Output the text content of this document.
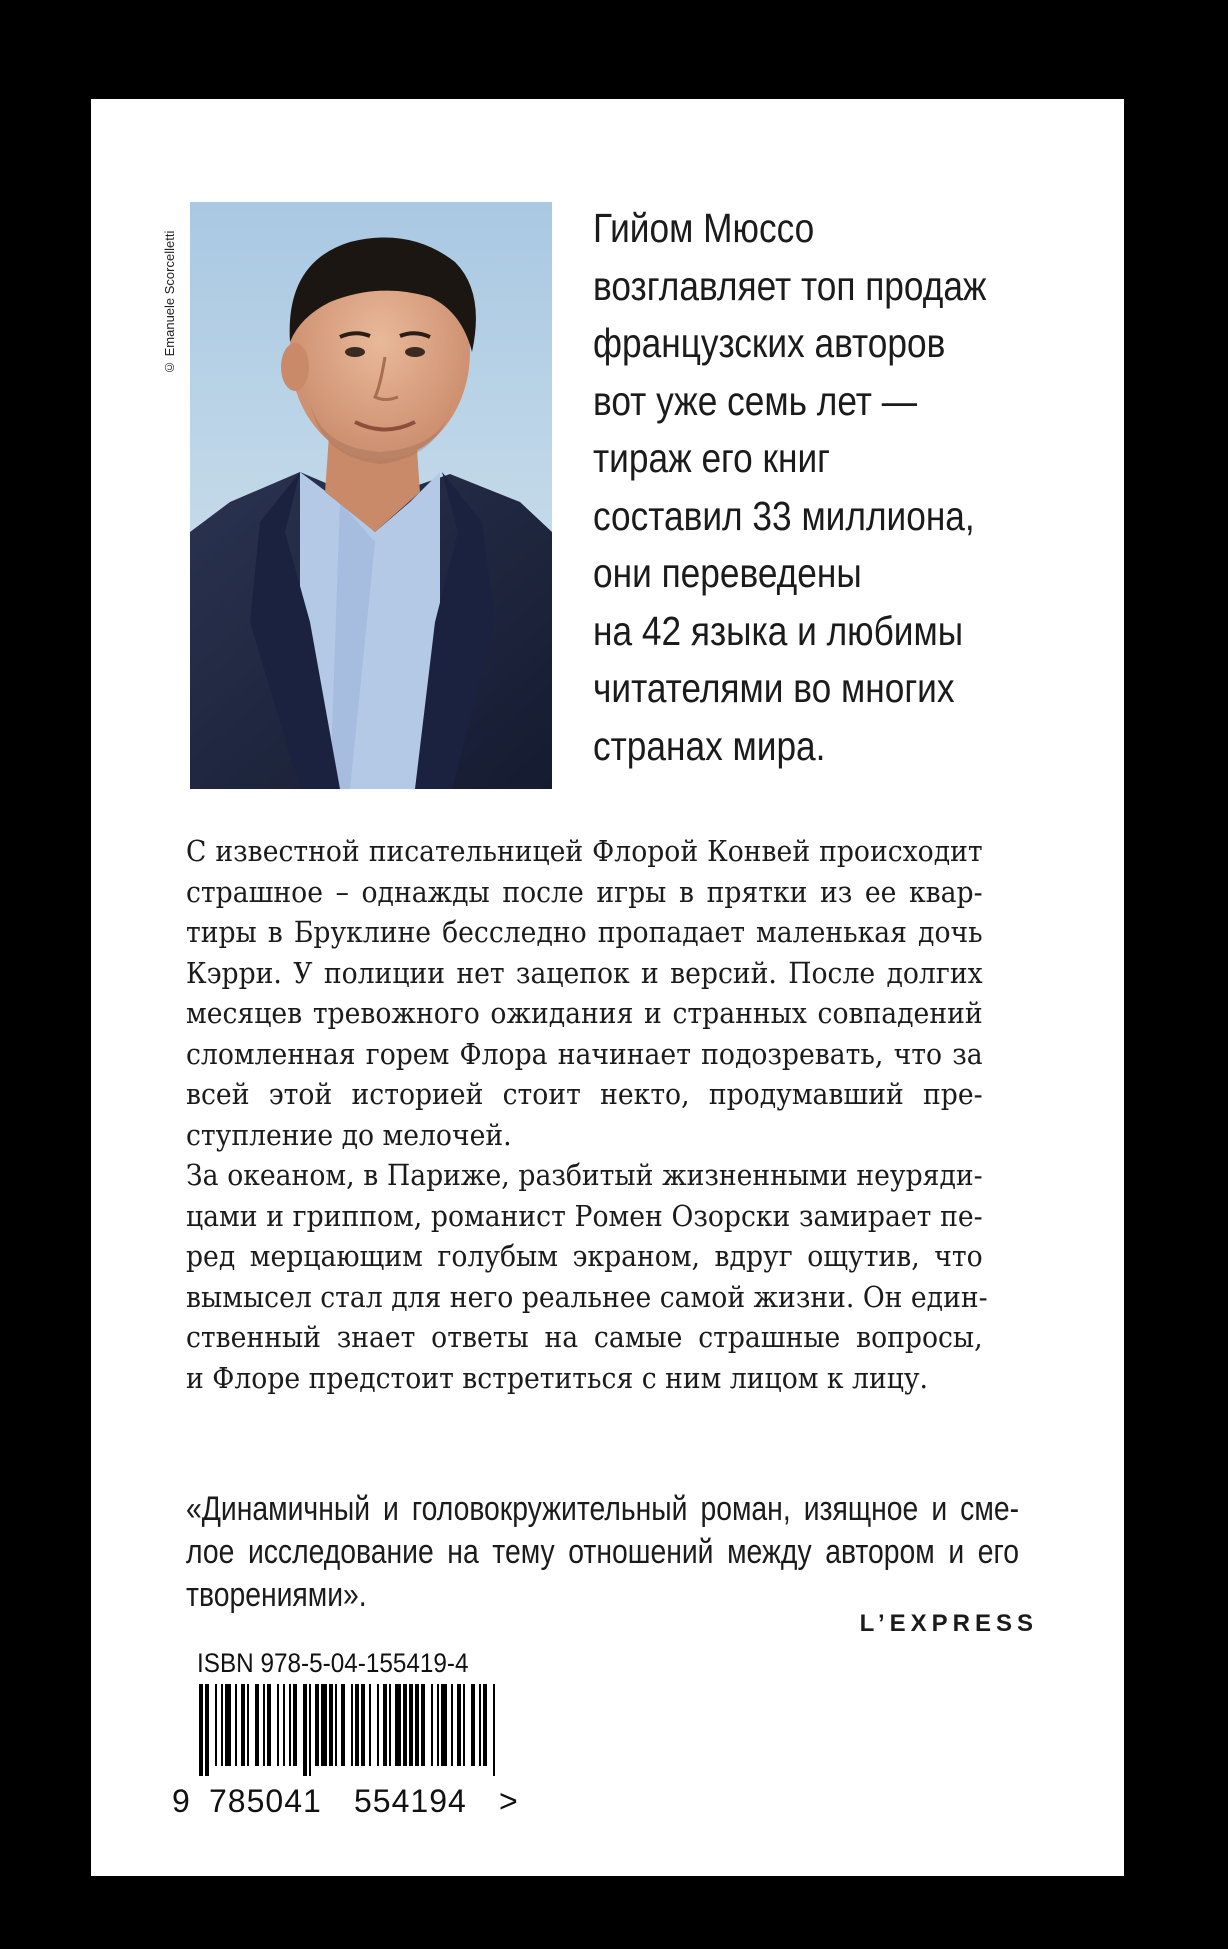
© Emanuele Scorcelletti
Гийом Мюссо
возглавляет топ продаж
французских авторов
вот уже семь лет —
тираж его книг
составил 33 миллиона,
они переведены
на 42 языка и любимы
читателями во многих
странах мира.
С известной писательницей Флорой Конвей происходит
страшное – однажды после игры в прятки из ее квар-
тиры в Бруклине бесследно пропадает маленькая дочь
Кэрри. У полиции нет зацепок и версий. После долгих
месяцев тревожного ожидания и странных совпадений
сломленная горем Флора начинает подозревать, что за
всей этой историей стоит некто, продумавший пре-
ступление до мелочей.
За океаном, в Париже, разбитый жизненными неуряди-
цами и гриппом, романист Ромен Озорски замирает пе-
ред мерцающим голубым экраном, вдруг ощутив, что
вымысел стал для него реальнее самой жизни. Он един-
ственный знает ответы на самые страшные вопросы,
и Флоре предстоит встретиться с ним лицом к лицу.
«Динамичный и головокружительный роман, изящное и сме-
лое исследование на тему отношений между автором и его
творениями».
L’EXPRESS
ISBN 978-5-04-155419-4
9 785041 554194 >
